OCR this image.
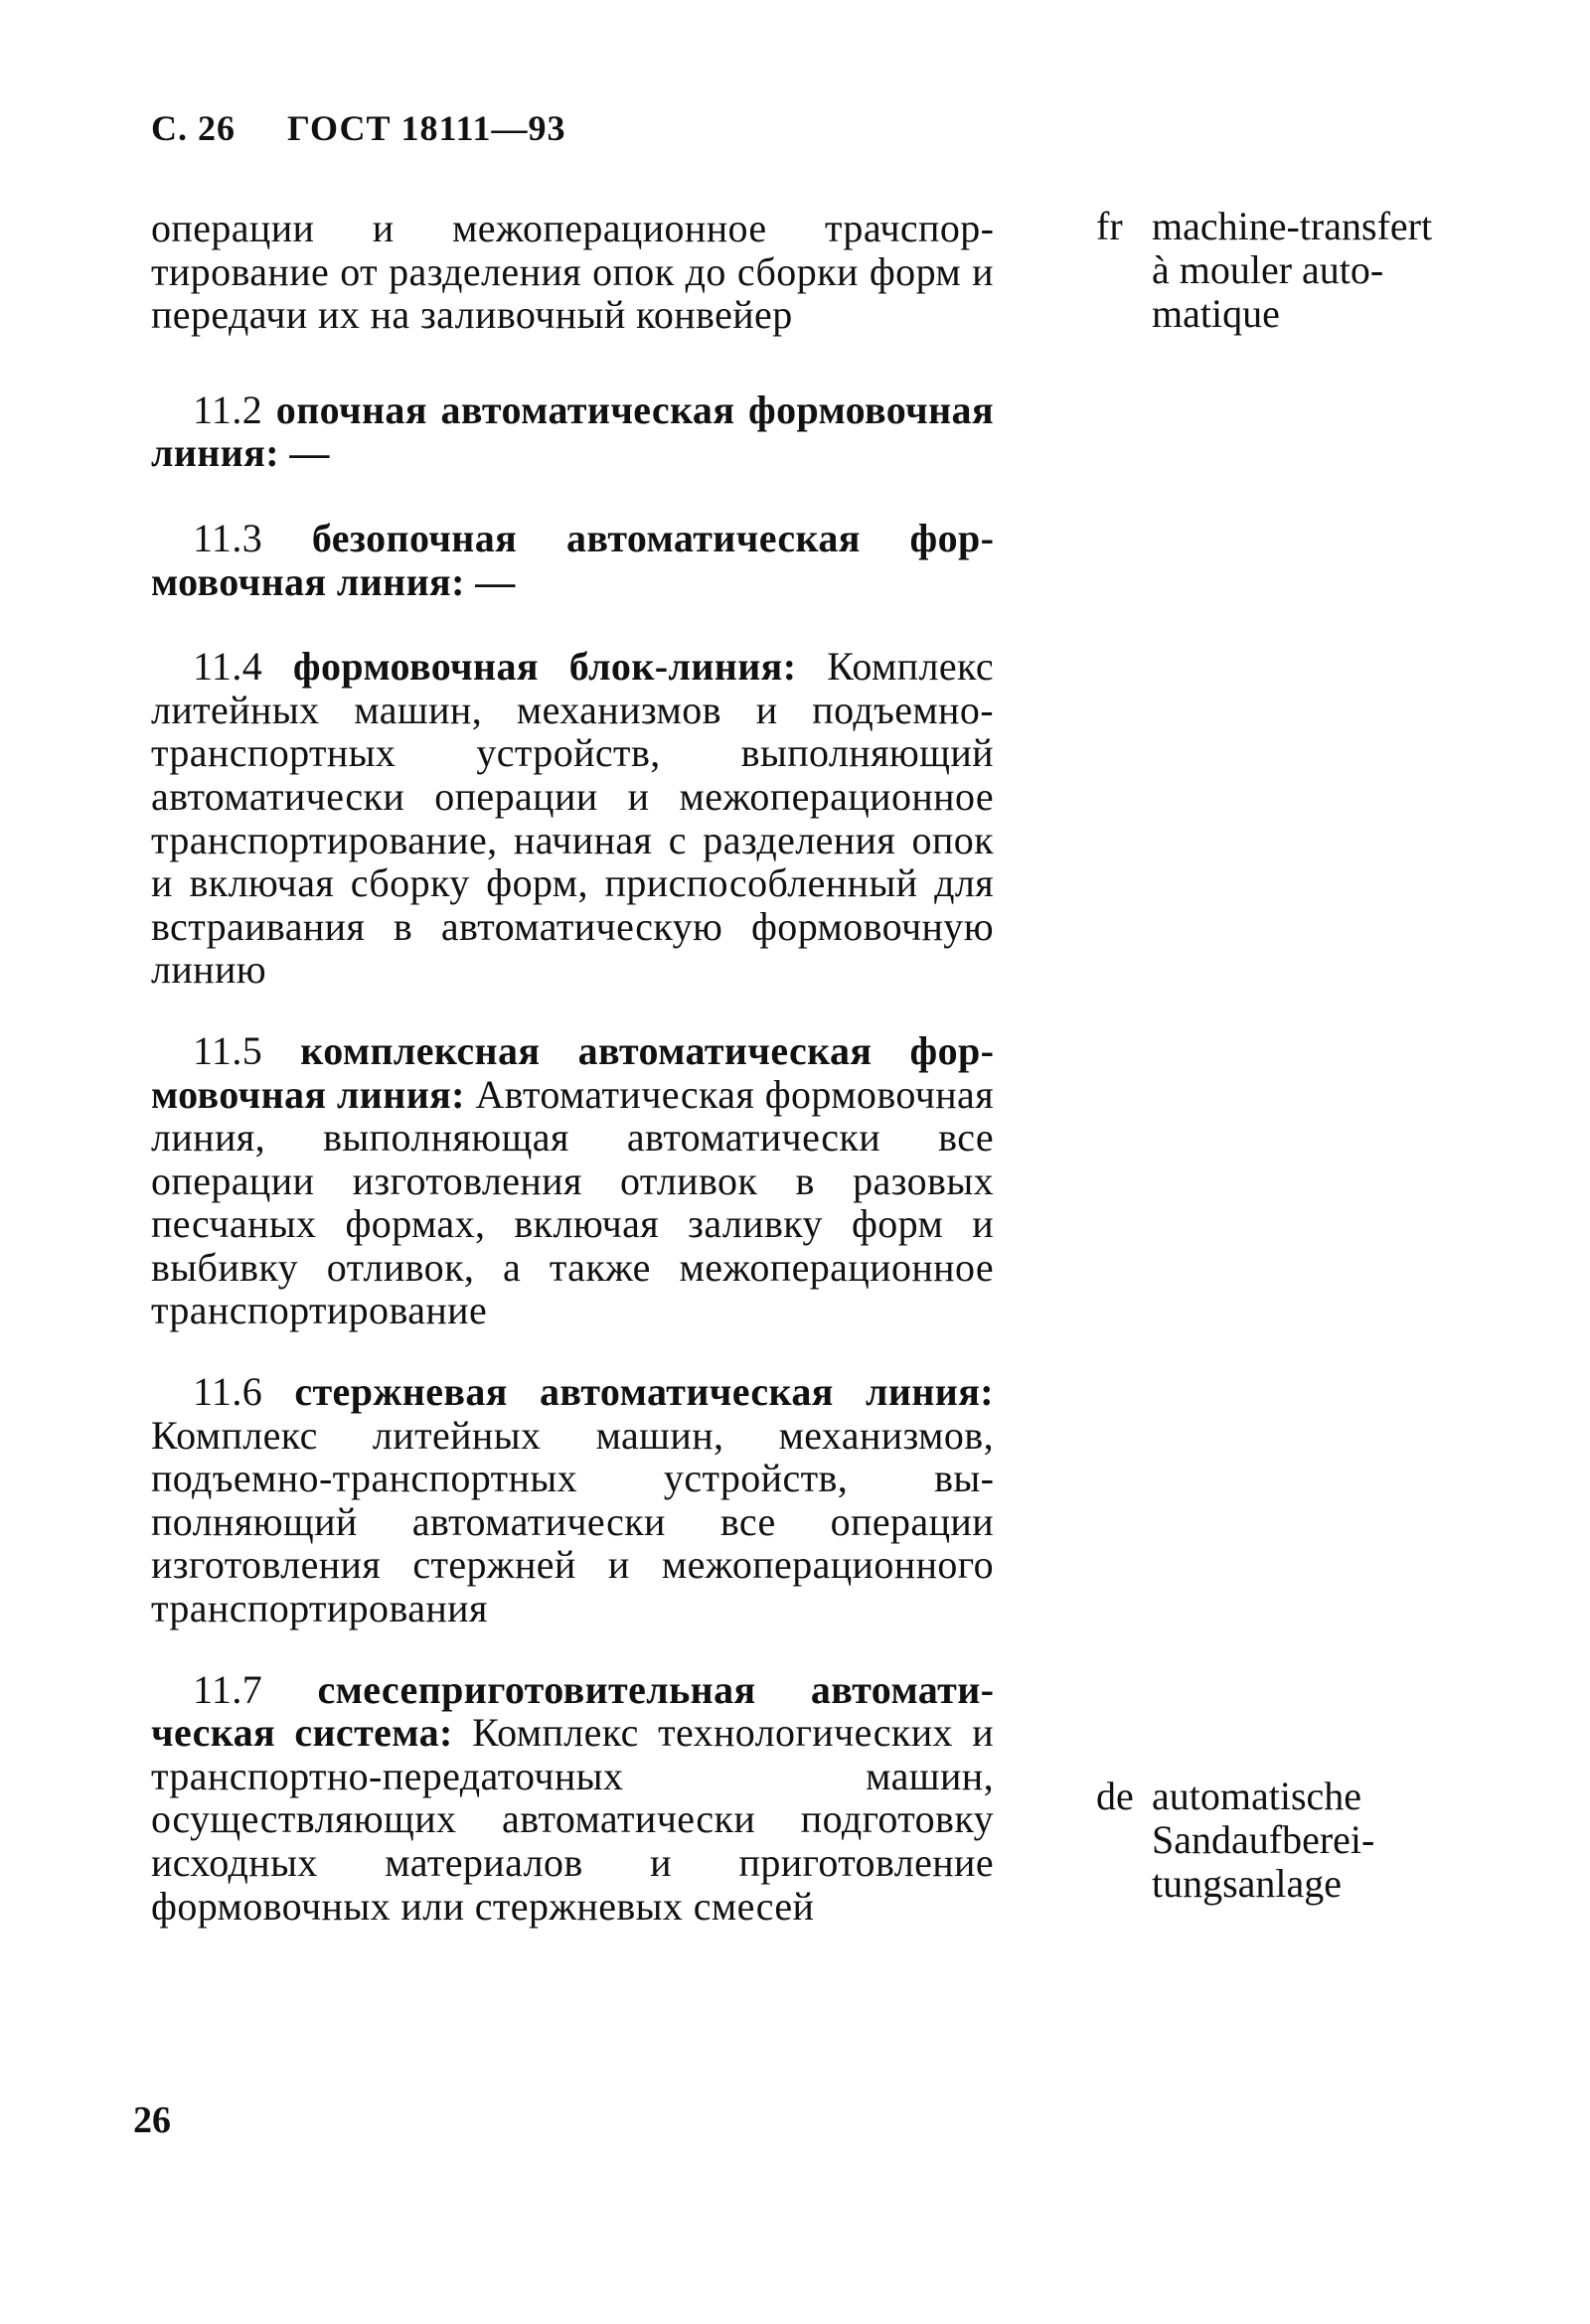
С. 26 ГОСТ 18111—93

операции и межоперационное трачспортирование от разделения опок до сборки форм и передачи их на заливочный конвейер

11.2 опочная автоматическая формовочная линия: —

11.3 безопочная автоматическая формовочная линия: —

11.4 формовочная блок-линия: Комплекс литейных машин, механизмов и подъемно-транспортных устройств, выполняющий автоматически операции и межоперационное транспортирование, начиная с разделения опок и включая сборку форм, приспособленный для встраивания в автоматическую формовочную линию

11.5 комплексная автоматическая формовочная линия: Автоматическая формовочная линия, выполняющая автоматически все операции изготовления отливок в разовых песчаных формах, включая заливку форм и выбивку отливок, а также межоперационное транспортирование

11.6 стержневая автоматическая линия: Комплекс литейных машин, механизмов, подъемно-транспортных устройств, выполняющий автоматически все операции изготовления стержней и межоперационного транспортирования

11.7 смесеприготовительная автоматическая система: Комплекс технологических и транспортно-передаточных машин, осуществляющих автоматически подготовку исходных материалов и приготовление формовочных или стержневых смесей

fr machine-transfert
à mouler auto-
matique
de automatische
Sandaufberei-
tungsanlage
26
